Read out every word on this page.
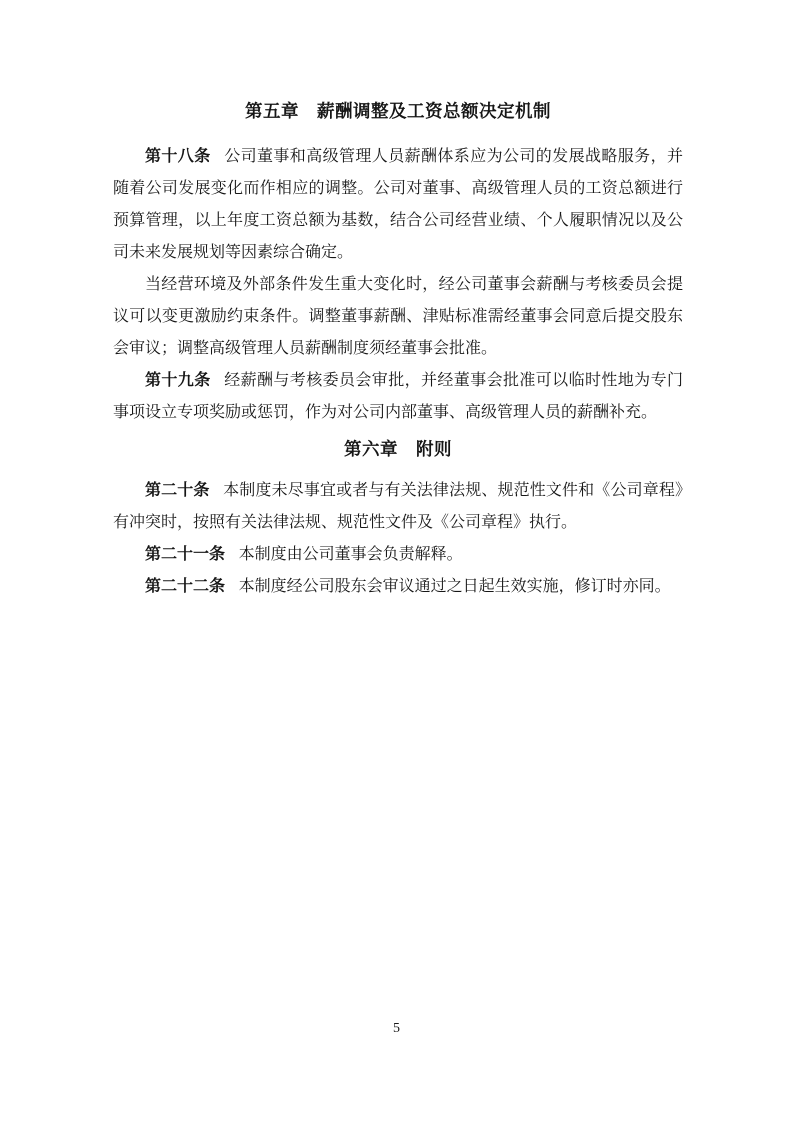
第五章　薪酬调整及工资总额决定机制

第十八条 公司董事和高级管理人员薪酬体系应为公司的发展战略服务，并随着公司发展变化而作相应的调整。公司对董事、高级管理人员的工资总额进行预算管理，以上年度工资总额为基数，结合公司经营业绩、个人履职情况以及公司未来发展规划等因素综合确定。

当经营环境及外部条件发生重大变化时，经公司董事会薪酬与考核委员会提议可以变更激励约束条件。调整董事薪酬、津贴标准需经董事会同意后提交股东会审议；调整高级管理人员薪酬制度须经董事会批准。

第十九条 经薪酬与考核委员会审批，并经董事会批准可以临时性地为专门事项设立专项奖励或惩罚，作为对公司内部董事、高级管理人员的薪酬补充。

第六章　附则

第二十条 本制度未尽事宜或者与有关法律法规、规范性文件和《公司章程》有冲突时，按照有关法律法规、规范性文件及《公司章程》执行。

第二十一条 本制度由公司董事会负责解释。

第二十二条 本制度经公司股东会审议通过之日起生效实施，修订时亦同。

5
